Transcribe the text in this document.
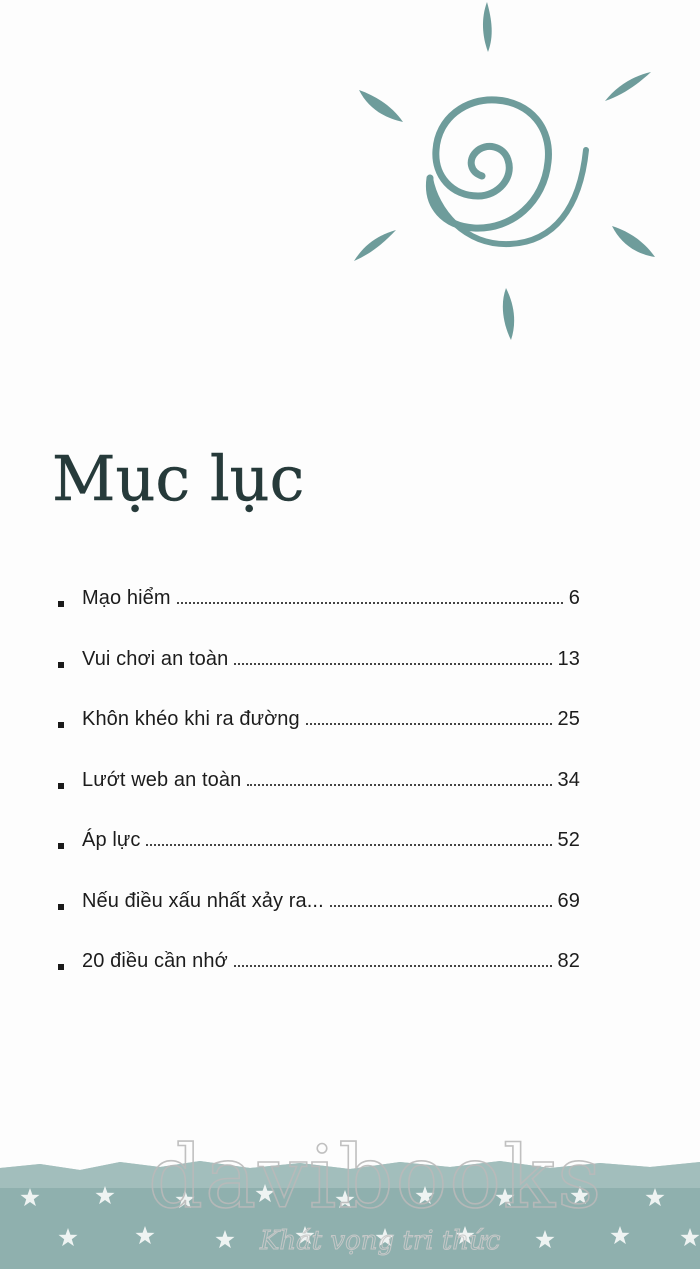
Mục lục
Mạo hiểm	6
Vui chơi an toàn	13
Khôn khéo khi ra đường	25
Lướt web an toàn	34
Áp lực	52
Nếu điều xấu nhất xảy ra...	69
20 điều cần nhớ	82
davibooks
Khát vọng tri thức
